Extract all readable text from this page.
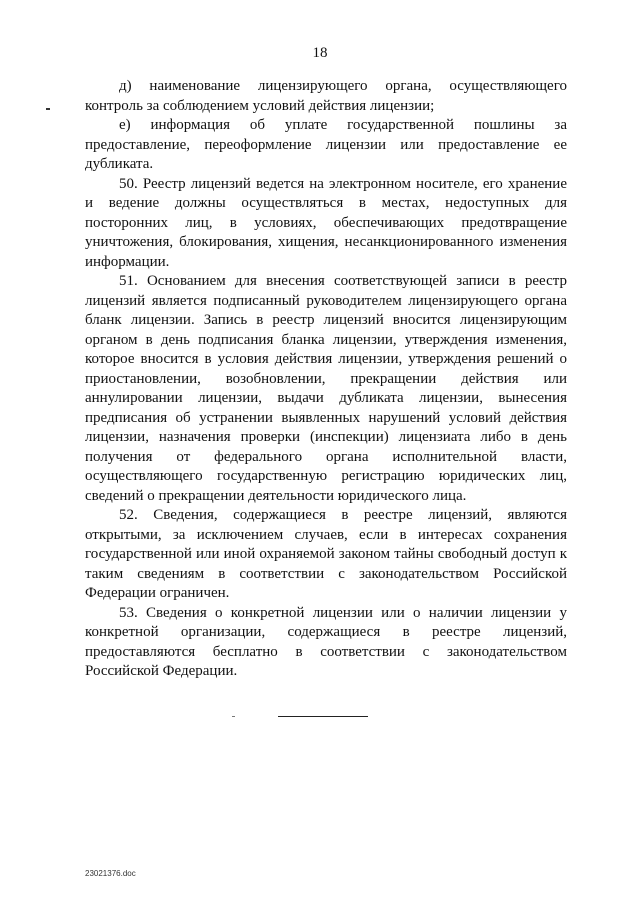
18

д) наименование лицензирующего органа, осуществляющего контроль за соблюдением условий действия лицензии;

е) информация об уплате государственной пошлины за предоставление, переоформление лицензии или предоставление ее дубликата.

50. Реестр лицензий ведется на электронном носителе, его хранение и ведение должны осуществляться в местах, недоступных для посторонних лиц, в условиях, обеспечивающих предотвращение уничтожения, блокирования, хищения, несанкционированного изменения информации.

51. Основанием для внесения соответствующей записи в реестр лицензий является подписанный руководителем лицензирующего органа бланк лицензии. Запись в реестр лицензий вносится лицензирующим органом в день подписания бланка лицензии, утверждения изменения, которое вносится в условия действия лицензии, утверждения решений о приостановлении, возобновлении, прекращении действия или аннулировании лицензии, выдачи дубликата лицензии, вынесения предписания об устранении выявленных нарушений условий действия лицензии, назначения проверки (инспекции) лицензиата либо в день получения от федерального органа исполнительной власти, осуществляющего государственную регистрацию юридических лиц, сведений о прекращении деятельности юридического лица.

52. Сведения, содержащиеся в реестре лицензий, являются открытыми, за исключением случаев, если в интересах сохранения государственной или иной охраняемой законом тайны свободный доступ к таким сведениям в соответствии с законодательством Российской Федерации ограничен.

53. Сведения о конкретной лицензии или о наличии лицензии у конкретной организации, содержащиеся в реестре лицензий, предоставляются бесплатно в соответствии с законодательством Российской Федерации.

23021376.doc
